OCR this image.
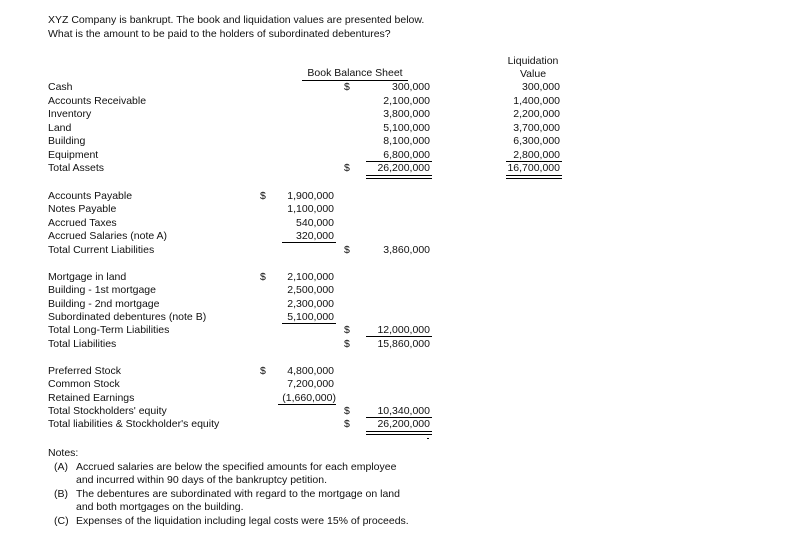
XYZ Company is bankrupt. The book and liquidation values are presented below.
What is the amount to be paid to the holders of subordinated debentures?
Book Balance Sheet
Liquidation
Value
Cash	$	300,000	300,000
Accounts Receivable	2,100,000	1,400,000
Inventory	3,800,000	2,200,000
Land	5,100,000	3,700,000
Building	8,100,000	6,300,000
Equipment	6,800,000	2,800,000
Total Assets	$	26,200,000	16,700,000
Accounts Payable	$	1,900,000
Notes Payable	1,100,000
Accrued Taxes	540,000
Accrued Salaries (note A)	320,000
Total Current Liabilities	$	3,860,000
Mortgage in land	$	2,100,000
Building - 1st mortgage	2,500,000
Building - 2nd mortgage	2,300,000
Subordinated debentures (note B)	5,100,000
Total Long-Term Liabilities	$	12,000,000
Total Liabilities	$	15,860,000
Preferred Stock	$	4,800,000
Common Stock	7,200,000
Retained Earnings	(1,660,000)
Total Stockholders' equity	$	10,340,000
Total liabilities & Stockholder's equity	$	26,200,000
Notes:
(A) Accrued salaries are below the specified amounts for each employee
and incurred within 90 days of the bankruptcy petition.
(B) The debentures are subordinated with regard to the mortgage on land
and both mortgages on the building.
(C) Expenses of the liquidation including legal costs were 15% of proceeds.
